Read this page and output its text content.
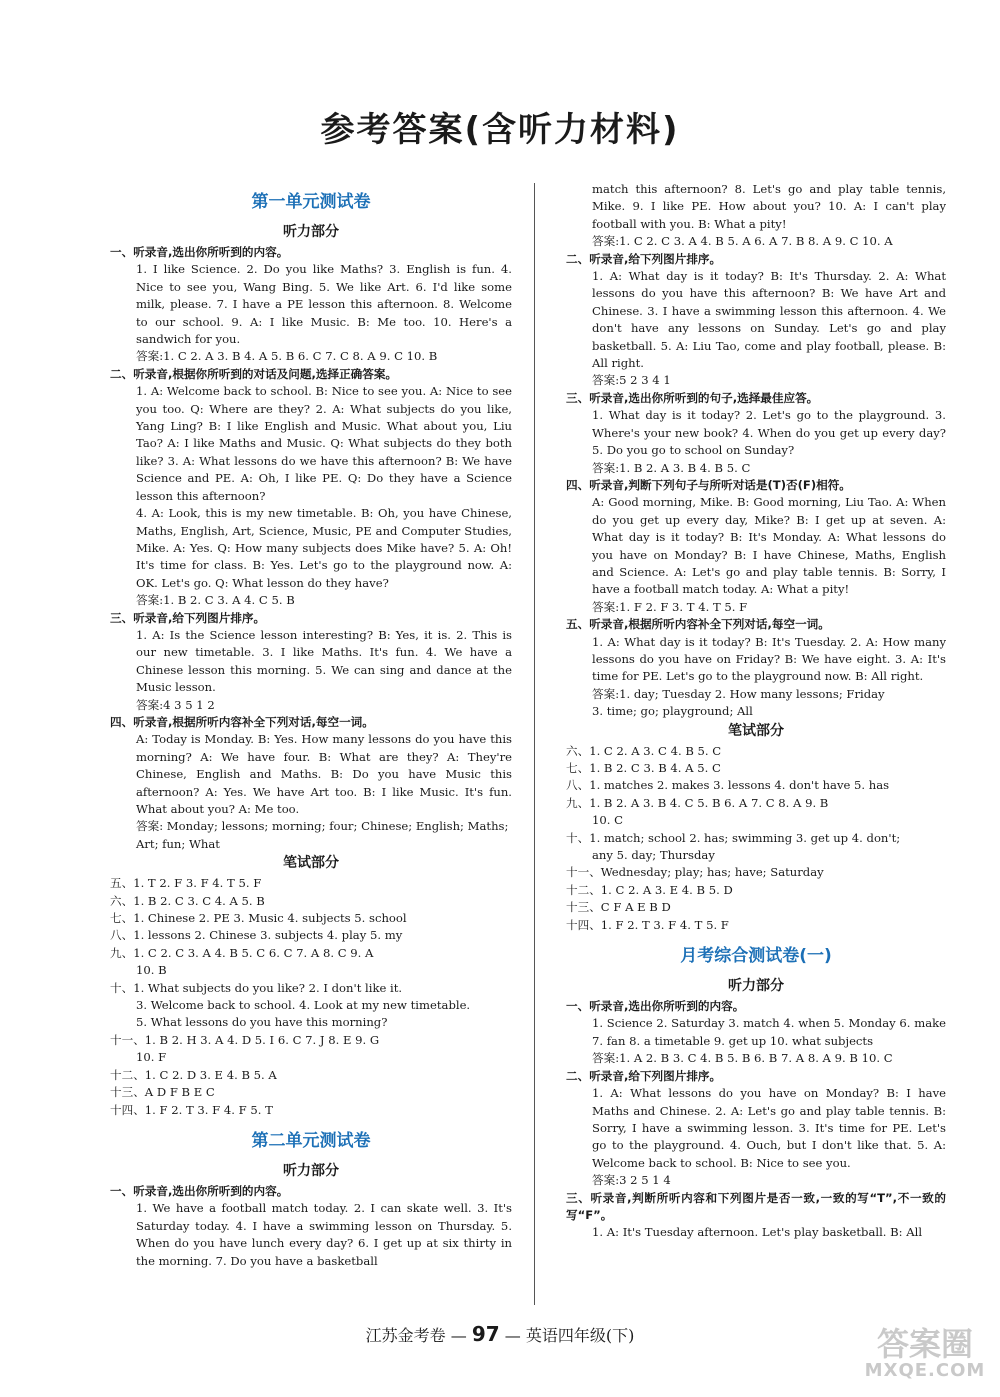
参考答案(含听力材料)

第一单元测试卷

听力部分

一、听录音,选出你所听到的内容。

1. I like Science. 2. Do you like Maths? 3. English is fun. 4. Nice to see you, Wang Bing. 5. We like Art. 6. I'd like some milk, please. 7. I have a PE lesson this afternoon. 8. Welcome to our school. 9. A: I like Music. B: Me too. 10. Here's a sandwich for you.

答案:1. C 2. A 3. B 4. A 5. B 6. C 7. C 8. A 9. C 10. B

二、听录音,根据你所听到的对话及问题,选择正确答案。

1. A: Welcome back to school. B: Nice to see you. A: Nice to see you too. Q: Where are they? 2. A: What subjects do you like, Yang Ling? B: I like English and Music. What about you, Liu Tao? A: I like Maths and Music. Q: What subjects do they both like? 3. A: What lessons do we have this afternoon? B: We have Science and PE. A: Oh, I like PE. Q: Do they have a Science lesson this afternoon?

4. A: Look, this is my new timetable. B: Oh, you have Chinese, Maths, English, Art, Science, Music, PE and Computer Studies, Mike. A: Yes. Q: How many subjects does Mike have? 5. A: Oh! It's time for class. B: Yes. Let's go to the playground now. A: OK. Let's go. Q: What lesson do they have?

答案:1. B 2. C 3. A 4. C 5. B

三、听录音,给下列图片排序。

1. A: Is the Science lesson interesting? B: Yes, it is. 2. This is our new timetable. 3. I like Maths. It's fun. 4. We have a Chinese lesson this morning. 5. We can sing and dance at the Music lesson.

答案:4 3 5 1 2

四、听录音,根据所听内容补全下列对话,每空一词。

A: Today is Monday. B: Yes. How many lessons do you have this morning? A: We have four. B: What are they? A: They're Chinese, English and Maths. B: Do you have Music this afternoon? A: Yes. We have Art too. B: I like Music. It's fun. What about you? A: Me too.

答案: Monday; lessons; morning; four; Chinese; English; Maths; Art; fun; What

笔试部分

五、1. T 2. F 3. F 4. T 5. F

六、1. B 2. C 3. C 4. A 5. B

七、1. Chinese 2. PE 3. Music 4. subjects 5. school

八、1. lessons 2. Chinese 3. subjects 4. play 5. my

九、1. C 2. C 3. A 4. B 5. C 6. C 7. A 8. C 9. A

10. B

十、1. What subjects do you like? 2. I don't like it.

3. Welcome back to school. 4. Look at my new timetable.

5. What lessons do you have this morning?

十一、1. B 2. H 3. A 4. D 5. I 6. C 7. J 8. E 9. G

10. F

十二、1. C 2. D 3. E 4. B 5. A

十三、A D F B E C

十四、1. F 2. T 3. F 4. F 5. T

第二单元测试卷

听力部分

一、听录音,选出你所听到的内容。

1. We have a football match today. 2. I can skate well. 3. It's Saturday today. 4. I have a swimming lesson on Thursday. 5. When do you have lunch every day? 6. I get up at six thirty in the morning. 7. Do you have a basketball

match this afternoon? 8. Let's go and play table tennis, Mike. 9. I like PE. How about you? 10. A: I can't play football with you. B: What a pity!

答案:1. C 2. C 3. A 4. B 5. A 6. A 7. B 8. A 9. C 10. A

二、听录音,给下列图片排序。

1. A: What day is it today? B: It's Thursday. 2. A: What lessons do you have this afternoon? B: We have Art and Chinese. 3. I have a swimming lesson this afternoon. 4. We don't have any lessons on Sunday. Let's go and play basketball. 5. A: Liu Tao, come and play football, please. B: All right.

答案:5 2 3 4 1

三、听录音,选出你所听到的句子,选择最佳应答。

1. What day is it today? 2. Let's go to the playground. 3. Where's your new book? 4. When do you get up every day? 5. Do you go to school on Sunday?

答案:1. B 2. A 3. B 4. B 5. C

四、听录音,判断下列句子与所听对话是(T)否(F)相符。

A: Good morning, Mike. B: Good morning, Liu Tao. A: When do you get up every day, Mike? B: I get up at seven. A: What day is it today? B: It's Monday. A: What lessons do you have on Monday? B: I have Chinese, Maths, English and Science. A: Let's go and play table tennis. B: Sorry, I have a football match today. A: What a pity!

答案:1. F 2. F 3. T 4. T 5. F

五、听录音,根据所听内容补全下列对话,每空一词。

1. A: What day is it today? B: It's Tuesday. 2. A: How many lessons do you have on Friday? B: We have eight. 3. A: It's time for PE. Let's go to the playground now. B: All right.

答案:1. day; Tuesday 2. How many lessons; Friday

3. time; go; playground; All

笔试部分

六、1. C 2. A 3. C 4. B 5. C

七、1. B 2. C 3. B 4. A 5. C

八、1. matches 2. makes 3. lessons 4. don't have 5. has

九、1. B 2. A 3. B 4. C 5. B 6. A 7. C 8. A 9. B

10. C

十、1. match; school 2. has; swimming 3. get up 4. don't;

any 5. day; Thursday

十一、Wednesday; play; has; have; Saturday

十二、1. C 2. A 3. E 4. B 5. D

十三、C F A E B D

十四、1. F 2. T 3. F 4. T 5. F

月考综合测试卷(一)

听力部分

一、听录音,选出你所听到的内容。

1. Science 2. Saturday 3. match 4. when 5. Monday 6. make 7. fan 8. a timetable 9. get up 10. what subjects

答案:1. A 2. B 3. C 4. B 5. B 6. B 7. A 8. A 9. B 10. C

二、听录音,给下列图片排序。

1. A: What lessons do you have on Monday? B: I have Maths and Chinese. 2. A: Let's go and play table tennis. B: Sorry, I have a swimming lesson. 3. It's time for PE. Let's go to the playground. 4. Ouch, but I don't like that. 5. A: Welcome back to school. B: Nice to see you.

答案:3 2 5 1 4

三、听录音,判断所听内容和下列图片是否一致,一致的写“T”,不一致的写“F”。

1. A: It's Tuesday afternoon. Let's play basketball. B: All

江苏金考卷 — 97 — 英语四年级(下)	答案圈
MXQE.COM
